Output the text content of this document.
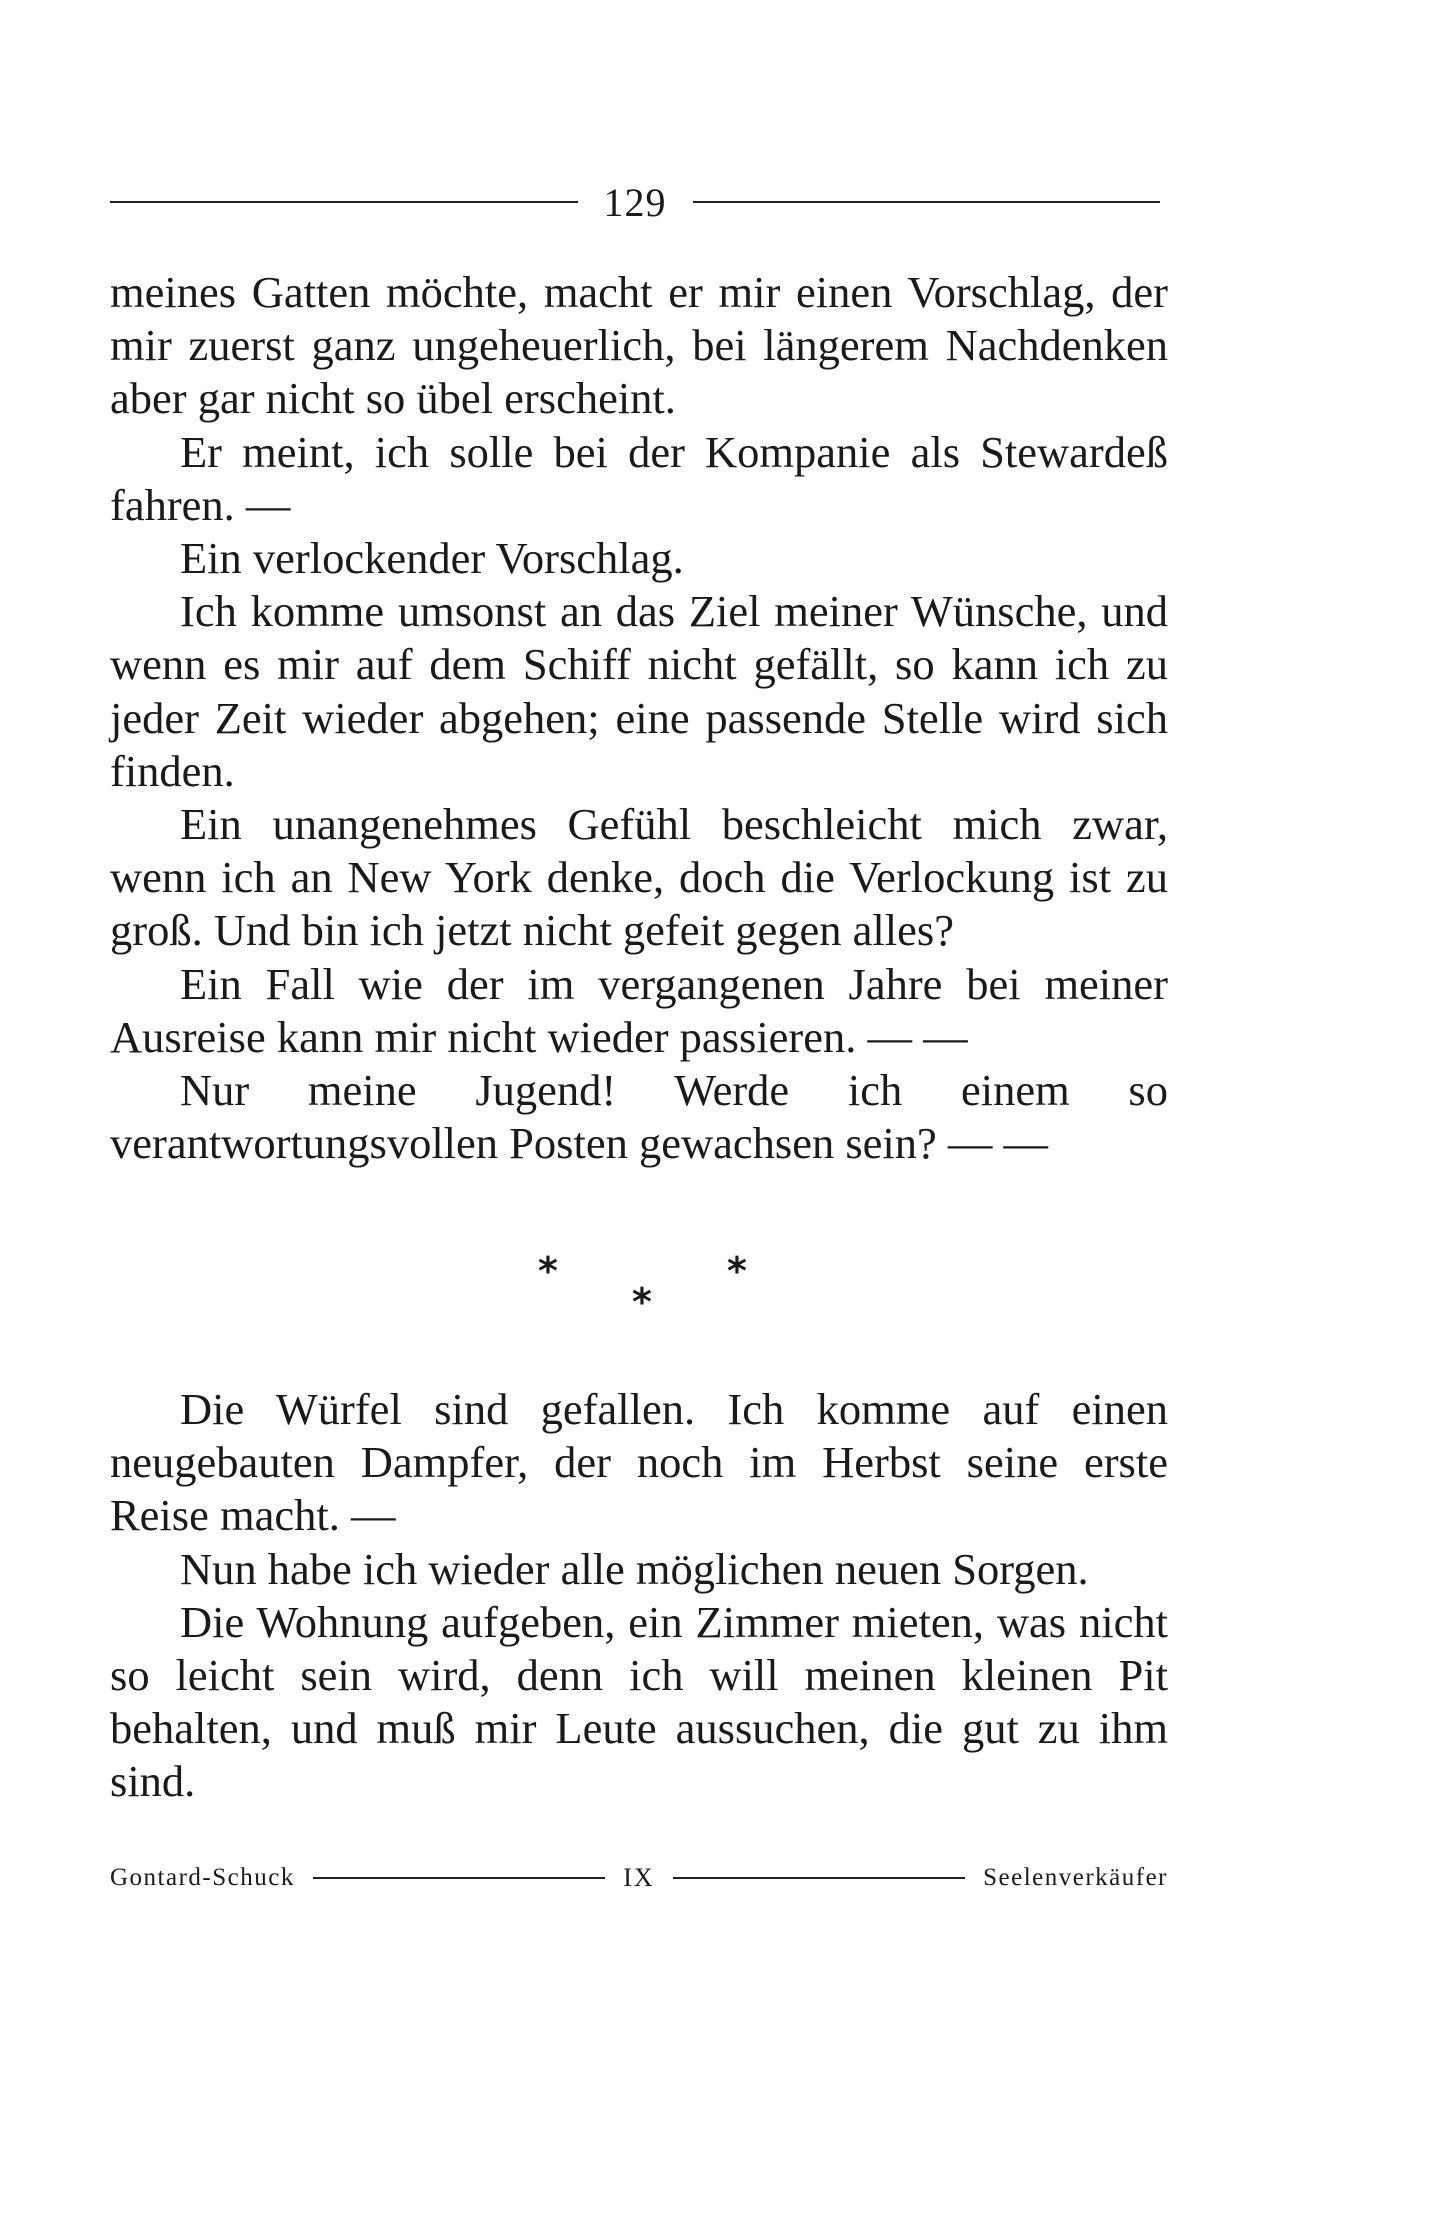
129

meines Gatten möchte, macht er mir einen Vorschlag, der mir zuerst ganz ungeheuerlich, bei längerem Nachdenken aber gar nicht so übel erscheint.

Er meint, ich solle bei der Kompanie als Stewardeß fahren. —

Ein verlockender Vorschlag.

Ich komme umsonst an das Ziel meiner Wünsche, und wenn es mir auf dem Schiff nicht gefällt, so kann ich zu jeder Zeit wieder abgehen; eine passende Stelle wird sich finden.

Ein unangenehmes Gefühl beschleicht mich zwar, wenn ich an New York denke, doch die Verlockung ist zu groß. Und bin ich jetzt nicht gefeit gegen alles?

Ein Fall wie der im vergangenen Jahre bei meiner Ausreise kann mir nicht wieder passieren. — —

Nur meine Jugend! Werde ich einem so verantwortungsvollen Posten gewachsen sein? — —

*	*
*

Die Würfel sind gefallen. Ich komme auf einen neugebauten Dampfer, der noch im Herbst seine erste Reise macht. —

Nun habe ich wieder alle möglichen neuen Sorgen.

Die Wohnung aufgeben, ein Zimmer mieten, was nicht so leicht sein wird, denn ich will meinen kleinen Pit behalten, und muß mir Leute aussuchen, die gut zu ihm sind.

Gontard-Schuck	IX	Seelenverkäufer
